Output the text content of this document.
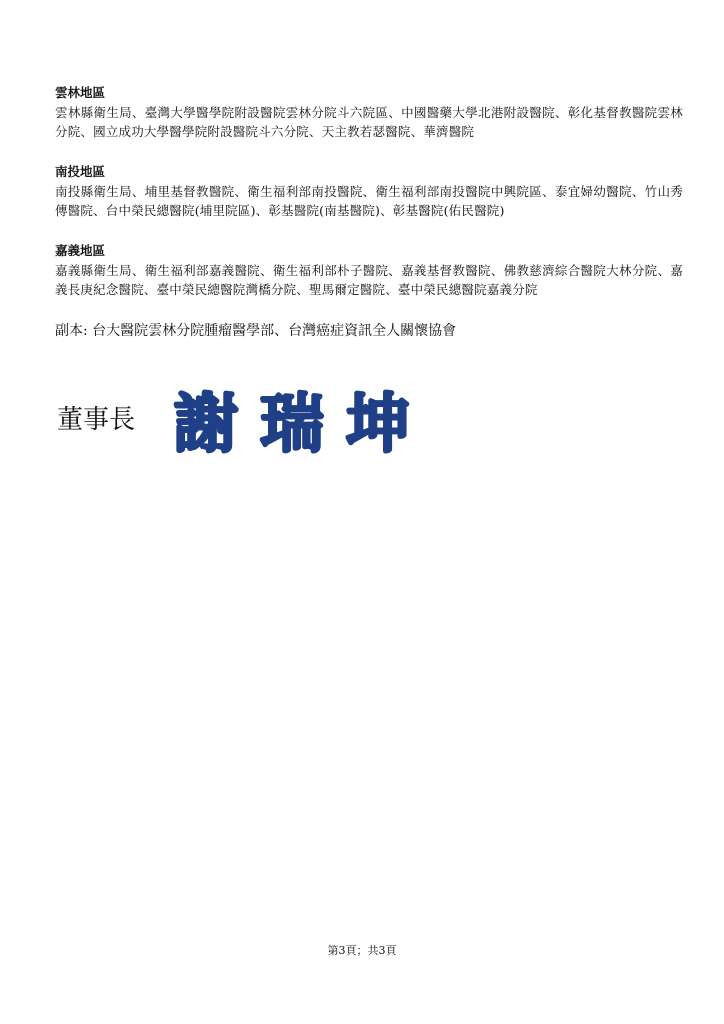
雲林地區

雲林縣衛生局、臺灣大學醫學院附設醫院雲林分院斗六院區、中國醫藥大學北港附設醫院、彰化基督教醫院雲林分院、國立成功大學醫學院附設醫院斗六分院、天主教若瑟醫院、華濟醫院

南投地區

南投縣衛生局、埔里基督教醫院、衛生福利部南投醫院、衛生福利部南投醫院中興院區、泰宜婦幼醫院、竹山秀傳醫院、台中榮民總醫院(埔里院區)、彰基醫院(南基醫院)、彰基醫院(佑民醫院)

嘉義地區

嘉義縣衛生局、衛生福利部嘉義醫院、衛生福利部朴子醫院、嘉義基督教醫院、佛教慈濟綜合醫院大林分院、嘉義長庚紀念醫院、臺中榮民總醫院灣橋分院、聖馬爾定醫院、臺中榮民總醫院嘉義分院

副本: 台大醫院雲林分院腫瘤醫學部、台灣癌症資訊全人關懷協會

董事長 謝瑞坤
第3頁；共3頁
